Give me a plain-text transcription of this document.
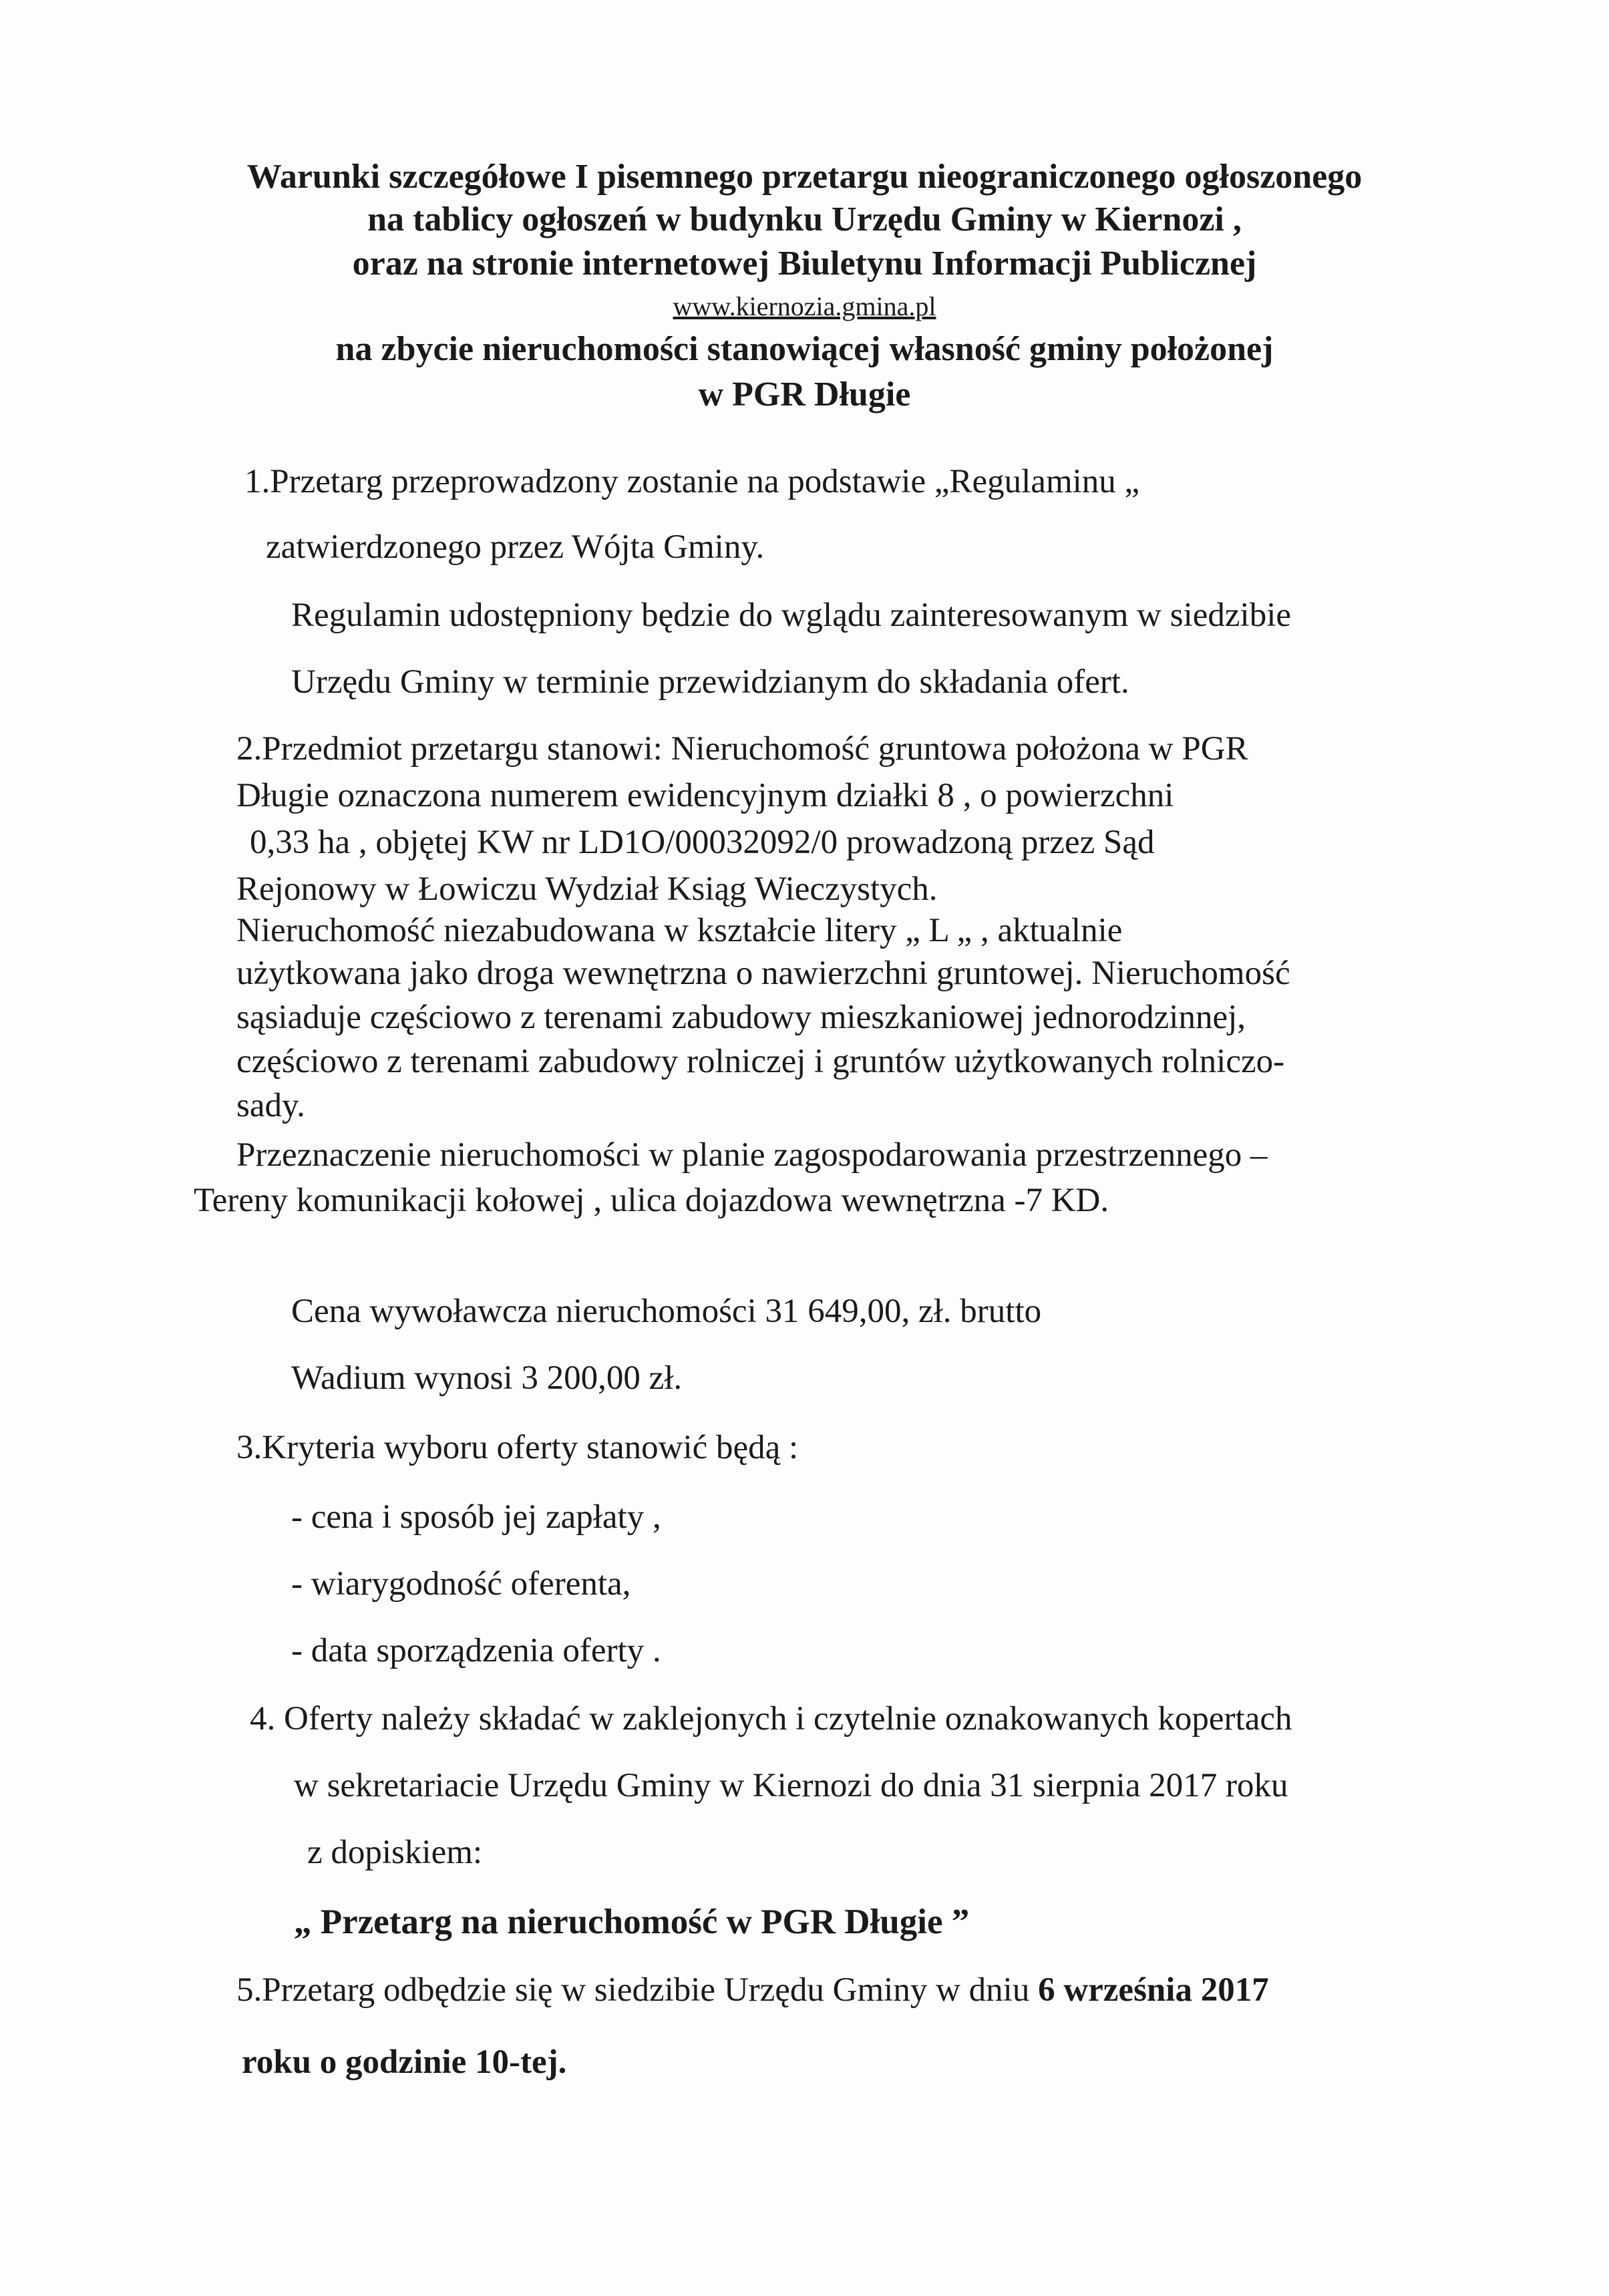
Warunki szczegółowe I pisemnego przetargu nieograniczonego ogłoszonego
na tablicy ogłoszeń w budynku Urzędu Gminy w Kiernozi ,
oraz na stronie internetowej Biuletynu Informacji Publicznej
www.kiernozia.gmina.pl
na zbycie nieruchomości stanowiącej własność gminy położonej
w PGR Długie
1.Przetarg przeprowadzony zostanie na podstawie „Regulaminu „
zatwierdzonego przez Wójta Gminy.
Regulamin udostępniony będzie do wglądu zainteresowanym w siedzibie
Urzędu Gminy w terminie przewidzianym do składania ofert.
2.Przedmiot przetargu stanowi: Nieruchomość gruntowa położona w PGR
Długie oznaczona numerem ewidencyjnym działki 8 , o powierzchni
0,33 ha , objętej KW nr LD1O/00032092/0 prowadzoną przez Sąd
Rejonowy w Łowiczu Wydział Ksiąg Wieczystych.
Nieruchomość niezabudowana w kształcie litery „ L „ , aktualnie
użytkowana jako droga wewnętrzna o nawierzchni gruntowej. Nieruchomość
sąsiaduje częściowo z terenami zabudowy mieszkaniowej jednorodzinnej,
częściowo z terenami zabudowy rolniczej i gruntów użytkowanych rolniczo-
sady.
Przeznaczenie nieruchomości w planie zagospodarowania przestrzennego –
Tereny komunikacji kołowej , ulica dojazdowa wewnętrzna -7 KD.
Cena wywoławcza nieruchomości 31 649,00, zł. brutto
Wadium wynosi 3 200,00 zł.
3.Kryteria wyboru oferty stanowić będą :
- cena i sposób jej zapłaty ,
- wiarygodność oferenta,
- data sporządzenia oferty .
4. Oferty należy składać w zaklejonych i czytelnie oznakowanych kopertach
w sekretariacie Urzędu Gminy w Kiernozi do dnia 31 sierpnia 2017 roku
z dopiskiem:
„ Przetarg na nieruchomość w PGR Długie ”
5.Przetarg odbędzie się w siedzibie Urzędu Gminy w dniu 6 września 2017
roku o godzinie 10-tej.
